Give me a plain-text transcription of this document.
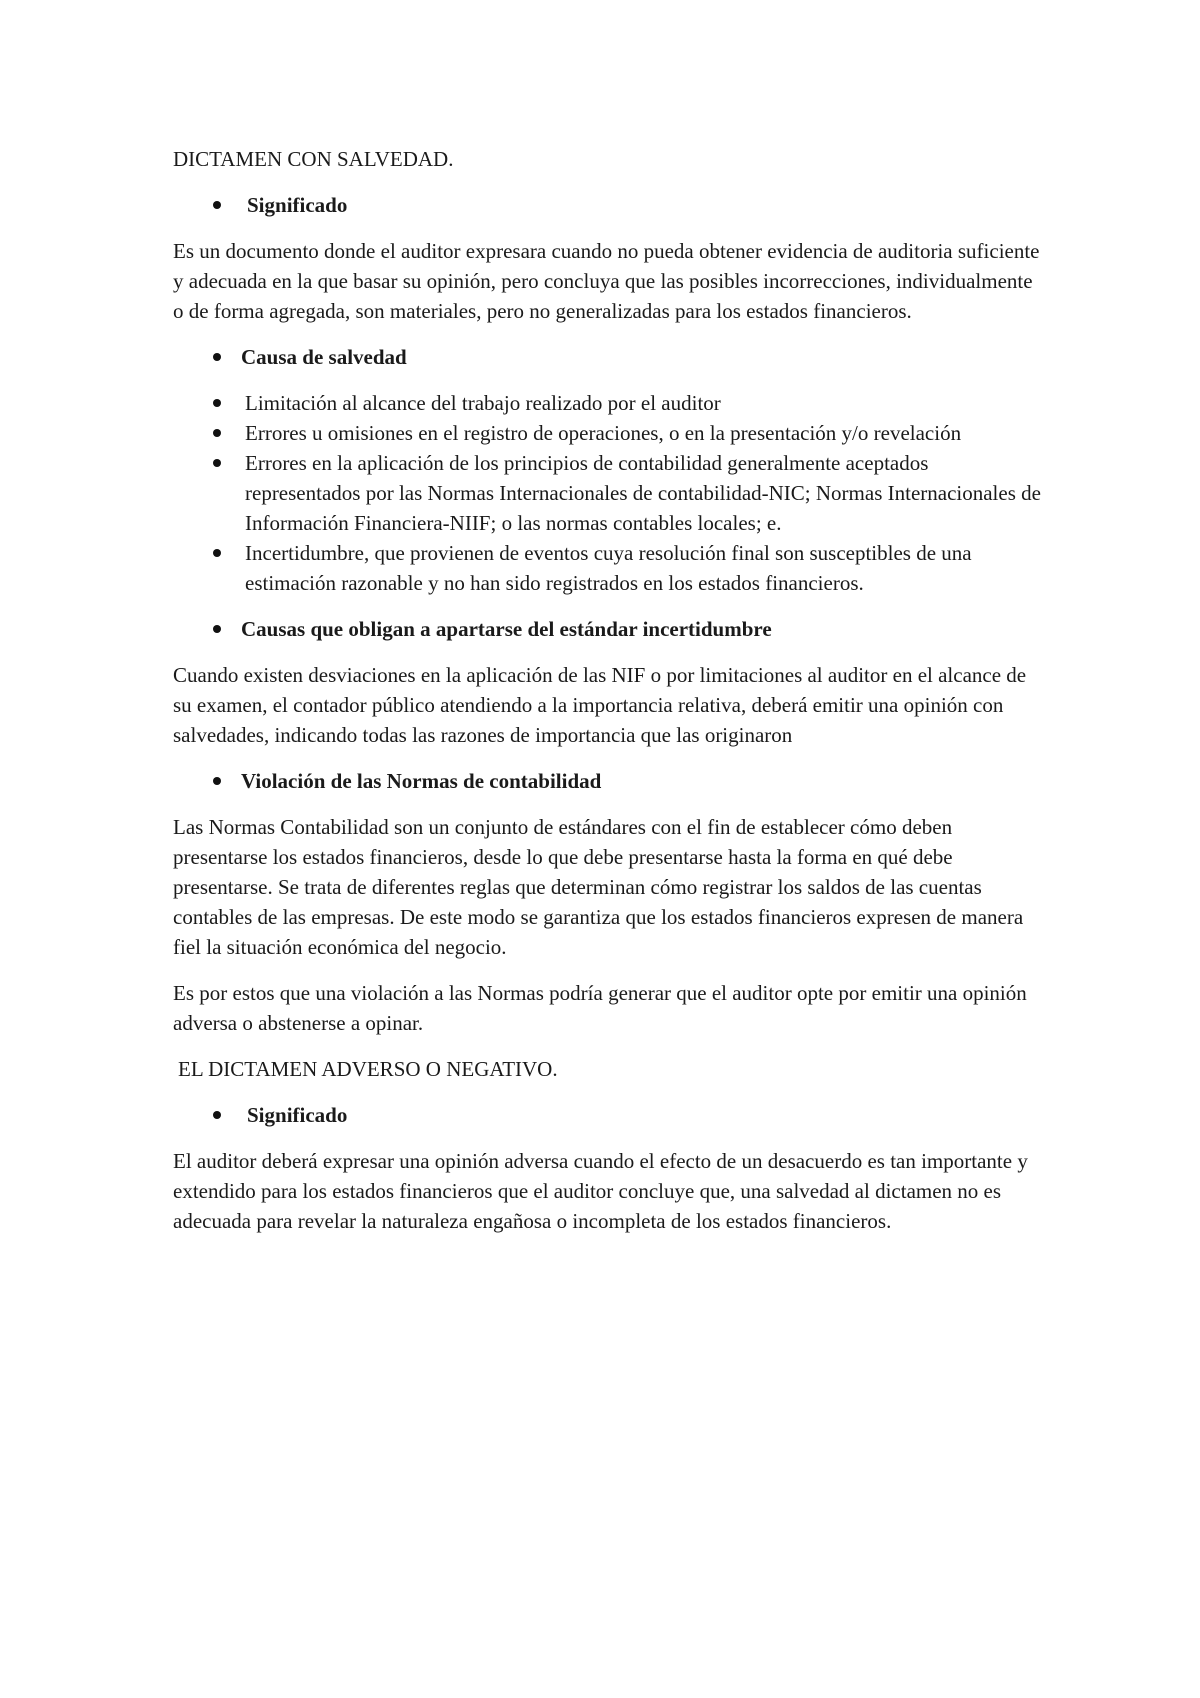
DICTAMEN CON SALVEDAD.
Significado

Es un documento donde el auditor expresara cuando no pueda obtener evidencia de auditoria suficiente y adecuada en la que basar su opinión, pero concluya que las posibles incorrecciones, individualmente o de forma agregada, son materiales, pero no generalizadas para los estados financieros.

Causa de salvedad
Limitación al alcance del trabajo realizado por el auditor
Errores u omisiones en el registro de operaciones, o en la presentación y/o revelación
Errores en la aplicación de los principios de contabilidad generalmente aceptados representados por las Normas Internacionales de contabilidad-NIC; Normas Internacionales de Información Financiera-NIIF; o las normas contables locales; e.
Incertidumbre, que provienen de eventos cuya resolución final son susceptibles de una estimación razonable y no han sido registrados en los estados financieros.
Causas que obligan a apartarse del estándar incertidumbre

Cuando existen desviaciones en la aplicación de las NIF o por limitaciones al auditor en el alcance de su examen, el contador público atendiendo a la importancia relativa, deberá emitir una opinión con salvedades, indicando todas las razones de importancia que las originaron

Violación de las Normas de contabilidad

Las Normas Contabilidad son un conjunto de estándares con el fin de establecer cómo deben presentarse los estados financieros, desde lo que debe presentarse hasta la forma en qué debe presentarse. Se trata de diferentes reglas que determinan cómo registrar los saldos de las cuentas contables de las empresas. De este modo se garantiza que los estados financieros expresen de manera fiel la situación económica del negocio.

Es por estos que una violación a las Normas podría generar que el auditor opte por emitir una opinión adversa o abstenerse a opinar.

EL DICTAMEN ADVERSO O NEGATIVO.
Significado

El auditor deberá expresar una opinión adversa cuando el efecto de un desacuerdo es tan importante y extendido para los estados financieros que el auditor concluye que, una salvedad al dictamen no es adecuada para revelar la naturaleza engañosa o incompleta de los estados financieros.
